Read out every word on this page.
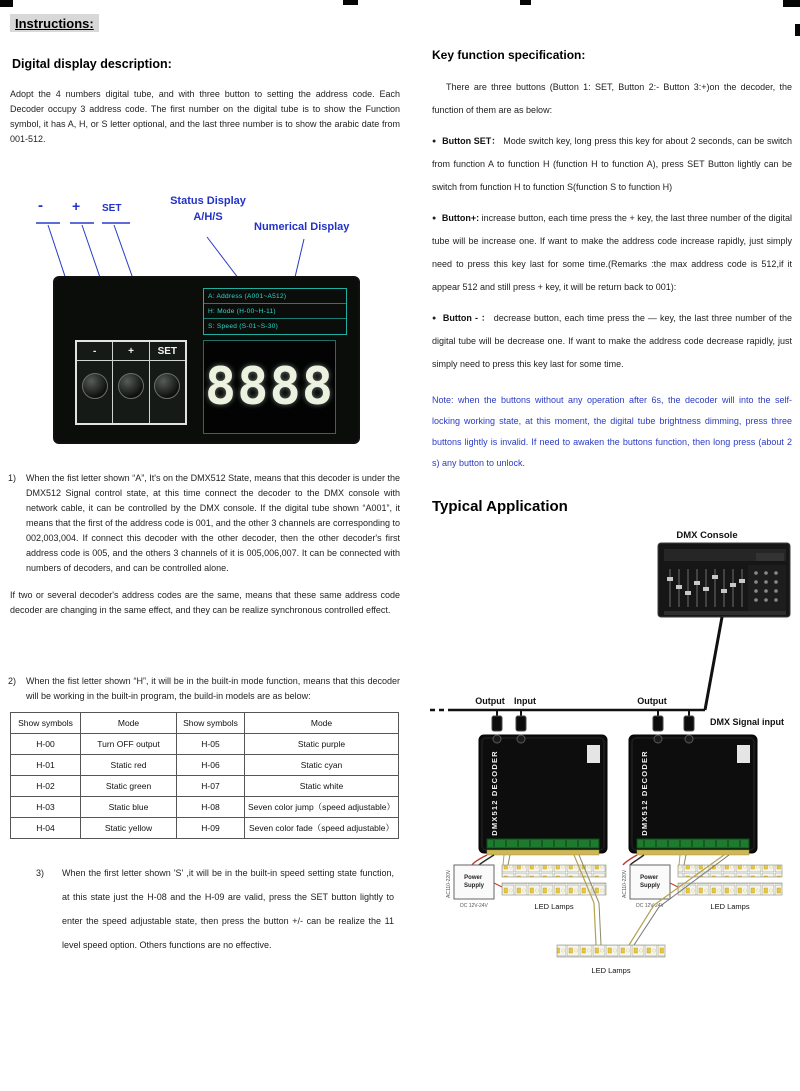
Instructions:

Digital display description:

Adopt the 4 numbers digital tube, and with three button to setting the address code. Each Decoder occupy 3 address code. The first number on the digital tube is to show the Function symbol, it has A, H, or S letter optional, and the last three number is to show the arabic date from 001-512.

- + SET
Status Display
A/H/S
Numerical Display
-	+	SET
A: Address (A001~A512)
H: Mode (H-00~H-11)
S: Speed (S-01~S-30)
8888
1)	When the fist letter shown “A”, It's on the DMX512 State, means that this decoder is under the DMX512 Signal control state, at this time connect the decoder to the DMX console with network cable, it can be controlled by the DMX console. If the digital tube shown “A001”, it means that the first of the address code is 001, and the other 3 channels are corresponding to 002,003,004. If connect this decoder with the other decoder, then the other decoder's first address code is 005, and the others 3 channels of it is 005,006,007. It can be connected with numbers of decoders, and can be controlled alone.

If two or several decoder's address codes are the same, means that these same address code decoder are changing in the same effect, and they can be realize synchronous controlled effect.

2)	When the fist letter shown “H”, it will be in the built-in mode function, means that this decoder will be working in the built-in program, the build-in models are as below:

Show symbols	Mode	Show symbols	Mode
H-00	Turn OFF output	H-05	Static purple
H-01	Static red	H-06	Static cyan
H-02	Static green	H-07	Static white
H-03	Static blue	H-08	Seven color jump（speed adjustable）
H-04	Static yellow	H-09	Seven color fade（speed adjustable）
3)	When the first letter shown 'S' ,it will be in the built-in speed setting state function, at this state just the H-08 and the H-09 are valid, press the SET button lightly to enter the speed adjustable state, then press the button +/- can be realize the 11 level speed option. Others functions are no effective.

Key function specification:

There are three buttons (Button 1: SET, Button 2:- Button 3:+)on the decoder, the function of them are as below:

● Button SET： Mode switch key, long press this key for about 2 seconds, can be switch from function A to function H (function H to function A), press SET Button lightly can be switch from function H to function S(function S to function H)

● Button+: increase button, each time press the + key, the last three number of the digital tube will be increase one. If want to make the address code increase rapidly, just simply need to press this key last for some time.(Remarks :the max address code is 512,if it appear 512 and still press + key, it will be return back to 001):

● Button - ： decrease button, each time press the — key, the last three number of the digital tube will be decrease one. If want to make the address code decrease rapidly, just simply need to press this key last for some time.

Note: when the buttons without any operation after 6s, the decoder will into the self-locking working state, at this moment, the digital tube brightness dimming, press three buttons lightly is invalid. If need to awaken the buttons function, then long press (about 2 s) any button to unlock.

Typical Application
DMX Console
Output Input	Output
DMX Signal input
DMX512 DECODER	DMX512 DECODER
Power Supply
AC110-220V
DC 12V-24V
Power Supply
AC110-220V
DC 12V-24V
LED Lamps	LED Lamps
LED Lamps
